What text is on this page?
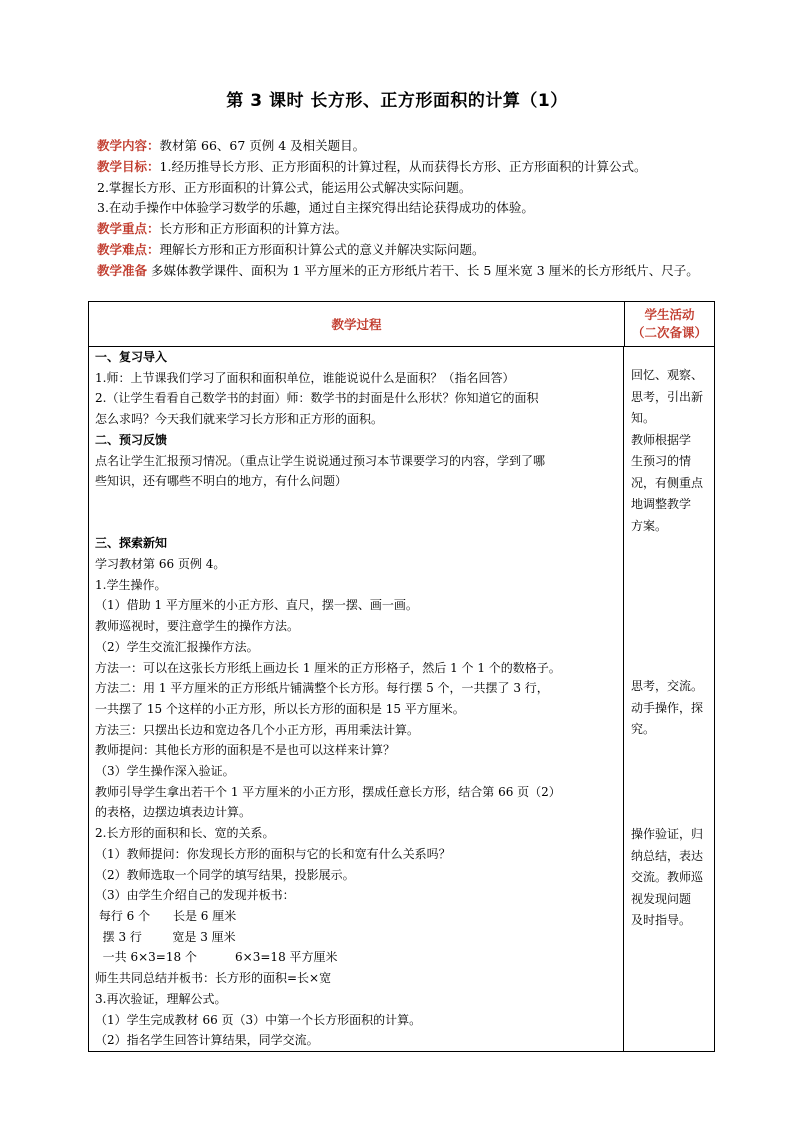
第 3 课时 长方形、正方形面积的计算（1）

教学内容：教材第 66、67 页例 4 及相关题目。

教学目标：1.经历推导长方形、正方形面积的计算过程，从而获得长方形、正方形面积的计算公式。

2.掌握长方形、正方形面积的计算公式，能运用公式解决实际问题。

3.在动手操作中体验学习数学的乐趣，通过自主探究得出结论获得成功的体验。

教学重点：长方形和正方形面积的计算方法。

教学难点：理解长方形和正方形面积计算公式的意义并解决实际问题。

教学准备 多媒体教学课件、面积为 1 平方厘米的正方形纸片若干、长 5 厘米宽 3 厘米的长方形纸片、尺子。

教学过程
学生活动
（二次备课）

一、复习导入

1.师：上节课我们学习了面积和面积单位，谁能说说什么是面积？（指名回答）

2.（让学生看看自己数学书的封面）师：数学书的封面是什么形状？你知道它的面积

怎么求吗？今天我们就来学习长方形和正方形的面积。

二、预习反馈

点名让学生汇报预习情况。（重点让学生说说通过预习本节课要学习的内容，学到了哪

些知识，还有哪些不明白的地方，有什么问题）

三、探索新知

学习教材第 66 页例 4。

1.学生操作。

（1）借助 1 平方厘米的小正方形、直尺，摆一摆、画一画。

教师巡视时，要注意学生的操作方法。

（2）学生交流汇报操作方法。

方法一：可以在这张长方形纸上画边长 1 厘米的正方形格子，然后 1 个 1 个的数格子。

方法二：用 1 平方厘米的正方形纸片铺满整个长方形。每行摆 5 个，一共摆了 3 行，

一共摆了 15 个这样的小正方形，所以长方形的面积是 15 平方厘米。

方法三：只摆出长边和宽边各几个小正方形，再用乘法计算。

教师提问：其他长方形的面积是不是也可以这样来计算？

（3）学生操作深入验证。

教师引导学生拿出若干个 1 平方厘米的小正方形，摆成任意长方形，结合第 66 页（2）

的表格，边摆边填表边计算。

2.长方形的面积和长、宽的关系。

（1）教师提问：你发现长方形的面积与它的长和宽有什么关系吗？

（2）教师选取一个同学的填写结果，投影展示。

（3）由学生介绍自己的发现并板书：

每行 6 个      长是 6 厘米

摆 3 行        宽是 3 厘米

一共 6×3=18 个          6×3=18 平方厘米

师生共同总结并板书：长方形的面积=长×宽

3.再次验证，理解公式。

（1）学生完成教材 66 页（3）中第一个长方形面积的计算。

（2）指名学生回答计算结果，同学交流。

回忆、观察、

思考，引出新

知。

教师根据学

生预习的情

况，有侧重点

地调整教学

方案。

思考，交流。

动手操作，探

究。

操作验证，归

纳总结，表达

交流。教师巡

视发现问题

及时指导。
